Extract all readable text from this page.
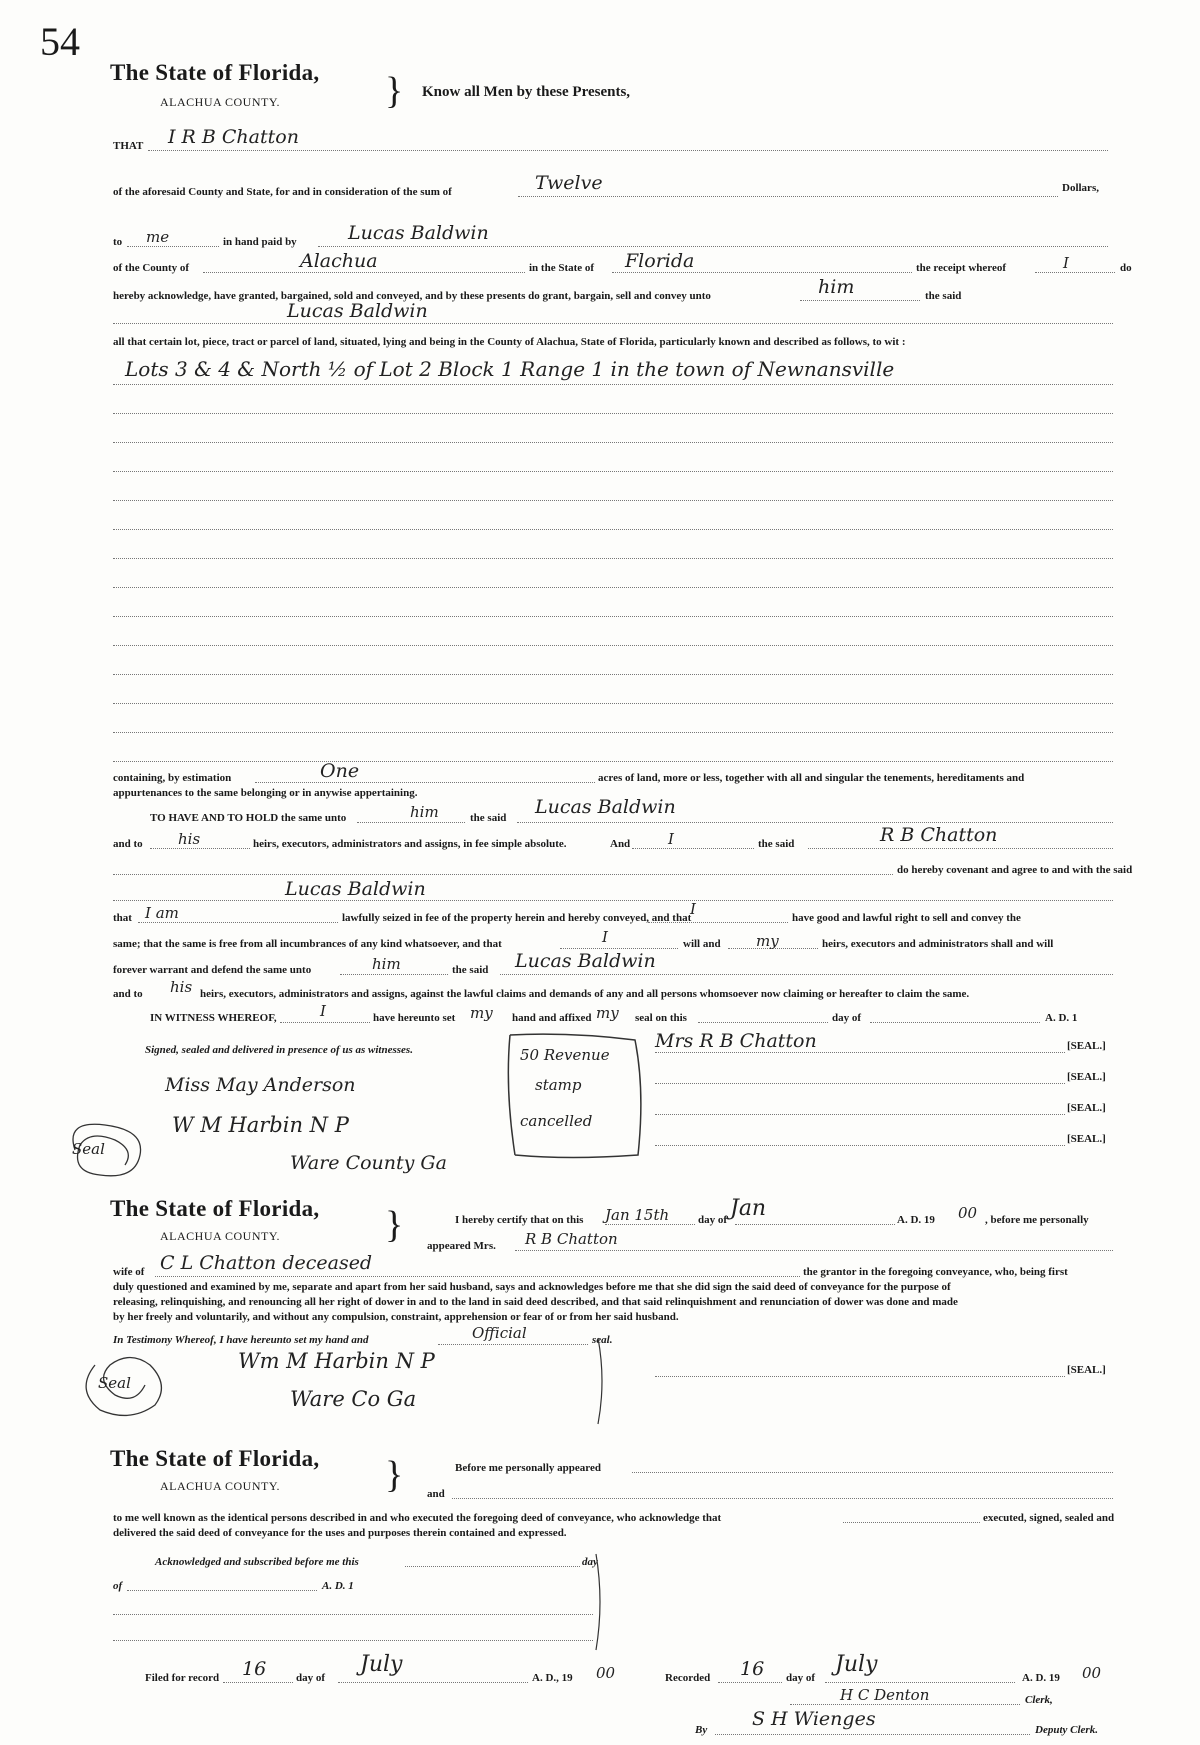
54
The State of Florida,
ALACHUA COUNTY.	} Know all Men by these Presents,
THAT I R B Chatton
of the aforesaid County and State, for and in consideration of the sum of	Twelve	Dollars,
to me	in hand paid by	Lucas Baldwin
of the County of	Alachua	in the State of Florida	the receipt whereof	I	do
hereby acknowledge, have granted, bargained, sold and conveyed, and by these presents do grant, bargain, sell and convey unto	him	the said
Lucas Baldwin
all that certain lot, piece, tract or parcel of land, situated, lying and being in the County of Alachua, State of Florida, particularly known and described as follows, to wit :
Lots 3 & 4 & North ½ of Lot 2 Block 1 Range 1 in the town of Newnansville
containing, by estimation	One	acres of land, more or less, together with all and singular the tenements, hereditaments and
appurtenances to the same belonging or in anywise appertaining.
TO HAVE AND TO HOLD the same unto	him	the said Lucas Baldwin
and to his	heirs, executors, administrators and assigns, in fee simple absolute.	And	I	the said	R B Chatton
do hereby covenant and agree to and with the said
Lucas Baldwin
that I am	lawfully seized in fee of the property herein and hereby conveyed, and that
I	have good and lawful right to sell and convey the
same; that the same is free from all incumbrances of any kind whatsoever, and that	I	will and my	heirs, executors and administrators shall and will
forever warrant and defend the same unto	him	the said Lucas Baldwin
and to his heirs, executors, administrators and assigns, against the lawful claims and demands of any and all persons whomsoever now claiming or hereafter to claim the same.
IN WITNESS WHEREOF,	I	have hereunto set my hand and affixed my seal on this	day of	A. D. 1
Signed, sealed and delivered in presence of us as witnesses.	Mrs R B Chatton	[SEAL.]
[SEAL.]
[SEAL.]
[SEAL.]
Miss May Anderson
W M Harbin N P
Ware County Ga
50 Revenue
stamp
cancelled
Seal
The State of Florida,
ALACHUA COUNTY.	}	I hereby certify that on this Jan 15th	day of Jan	A. D. 19 00 , before me personally
appeared Mrs. R B Chatton
wife of C L Chatton deceased	the grantor in the foregoing conveyance, who, being first
duly questioned and examined by me, separate and apart from her said husband, says and acknowledges before me that she did sign the said deed of conveyance for the purpose of
releasing, relinquishing, and renouncing all her right of dower in and to the land in said deed described, and that said relinquishment and renunciation of dower was done and made
by her freely and voluntarily, and without any compulsion, constraint, apprehension or fear of or from her said husband.
In Testimony Whereof, I have hereunto set my hand and	Official	seal.
Wm M Harbin N P
Ware Co Ga
[SEAL.]
Seal
The State of Florida,
ALACHUA COUNTY.	}	Before me personally appeared
and
to me well known as the identical persons described in and who executed the foregoing deed of conveyance, who acknowledge that	executed, signed, sealed and
delivered the said deed of conveyance for the uses and purposes therein contained and expressed.
Acknowledged and subscribed before me this	day
of	A. D. 1
Filed for record 16	day of
July
A. D., 19 00	Recorded 16 day of
July
A. D. 19 00
H C Denton	Clerk,
By S H Wienges	Deputy Clerk.
